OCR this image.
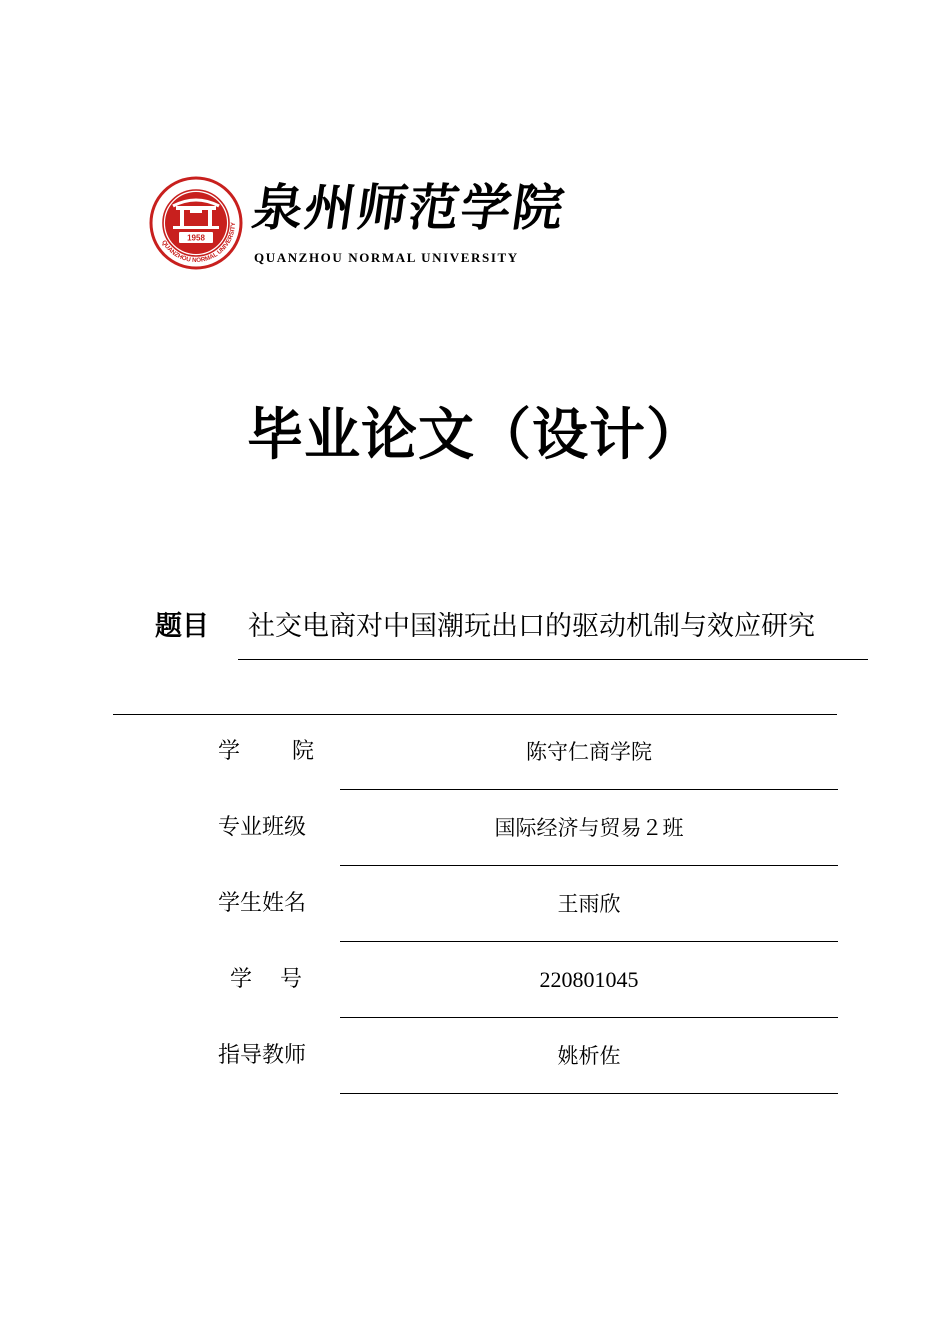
QUANZHOU NORMAL UNIVERSITY
1958
泉州师范学院
QUANZHOU NORMAL UNIVERSITY
毕业论文（设计）
题目 社交电商对中国潮玩出口的驱动机制与效应研究
学 院	陈守仁商学院
专业班级	国际经济与贸易２班
学生姓名	王雨欣
学 号	220801045
指导教师	姚析佐
